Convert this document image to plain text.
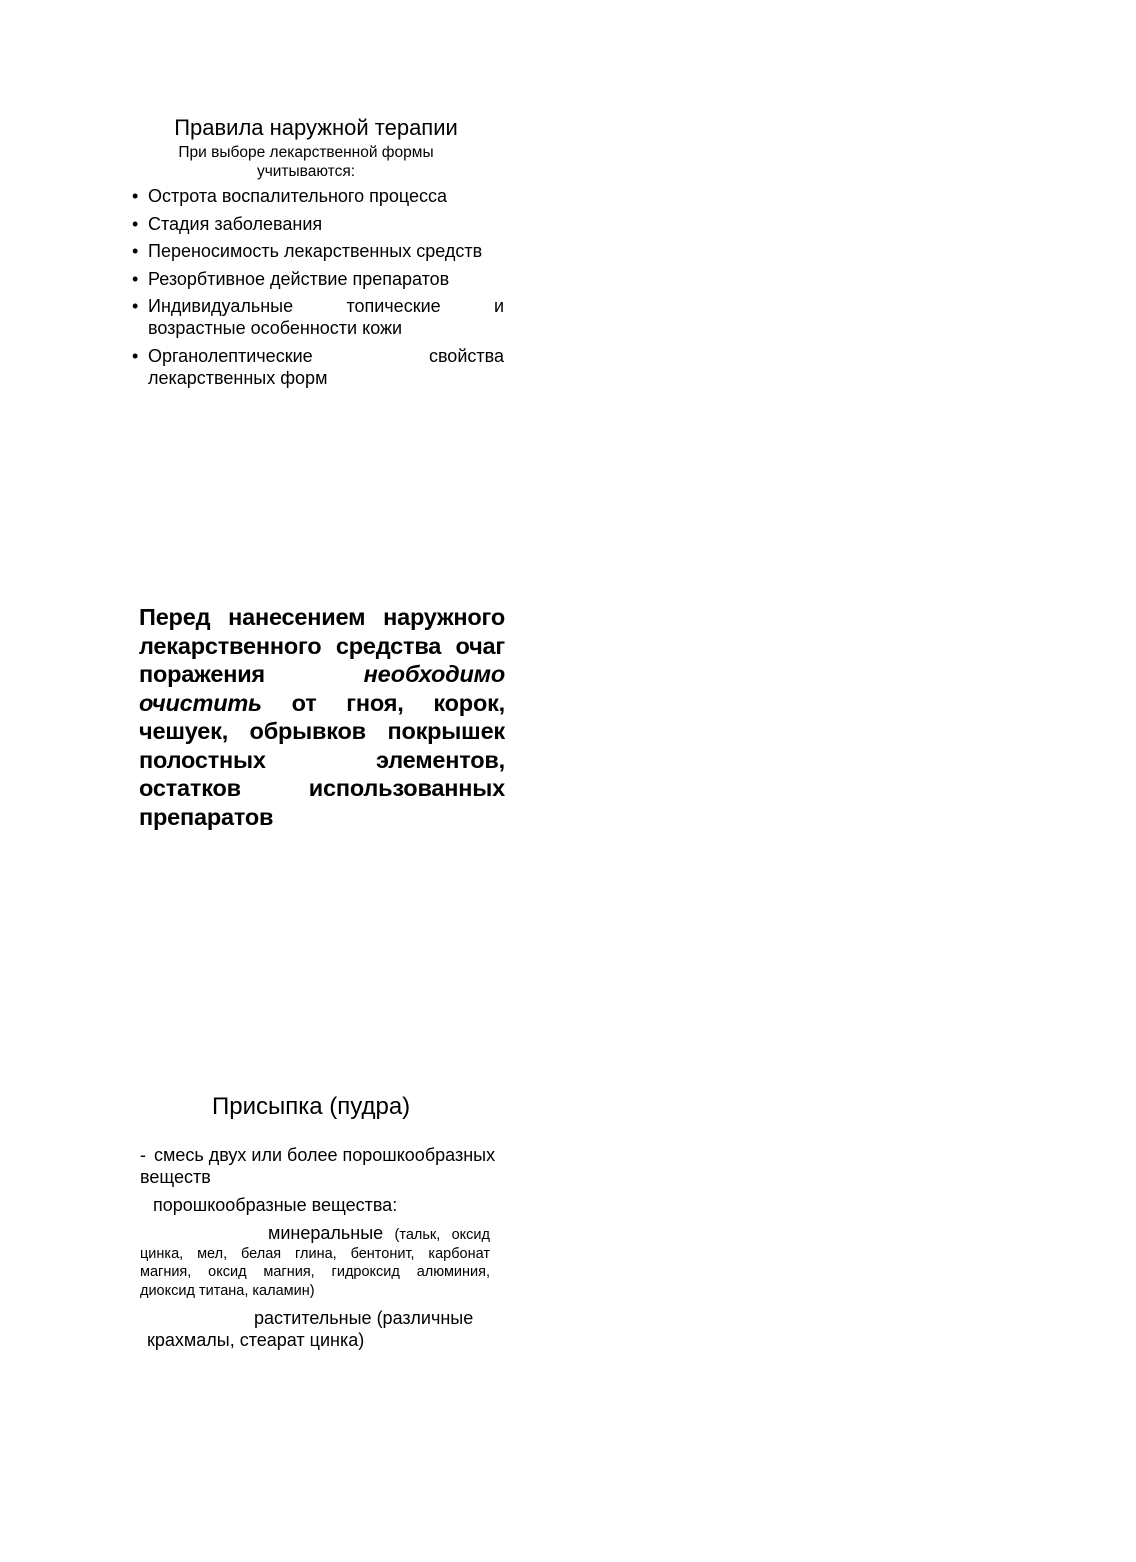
Правила наружной терапии
При выборе лекарственной формы учитываются:
• Острота воспалительного процесса
• Стадия заболевания
• Переносимость лекарственных средств
• Резорбтивное действие препаратов
• Индивидуальные топические и возрастные особенности кожи
• Органолептические свойства лекарственных форм

Перед нанесением наружного лекарственного средства очаг поражения	необходимо очистить от гноя, корок, чешуек, обрывков покрышек полостных элементов, остатков использованных препаратов

Присыпка (пудра)
- смесь двух или более порошкообразных веществ
порошкообразные вещества:
минеральные (тальк, оксид цинка, мел, белая глина, бентонит, карбонат магния, оксид магния, гидроксид алюминия, диоксид титана, каламин)
растительные (различные крахмалы, стеарат цинка)
